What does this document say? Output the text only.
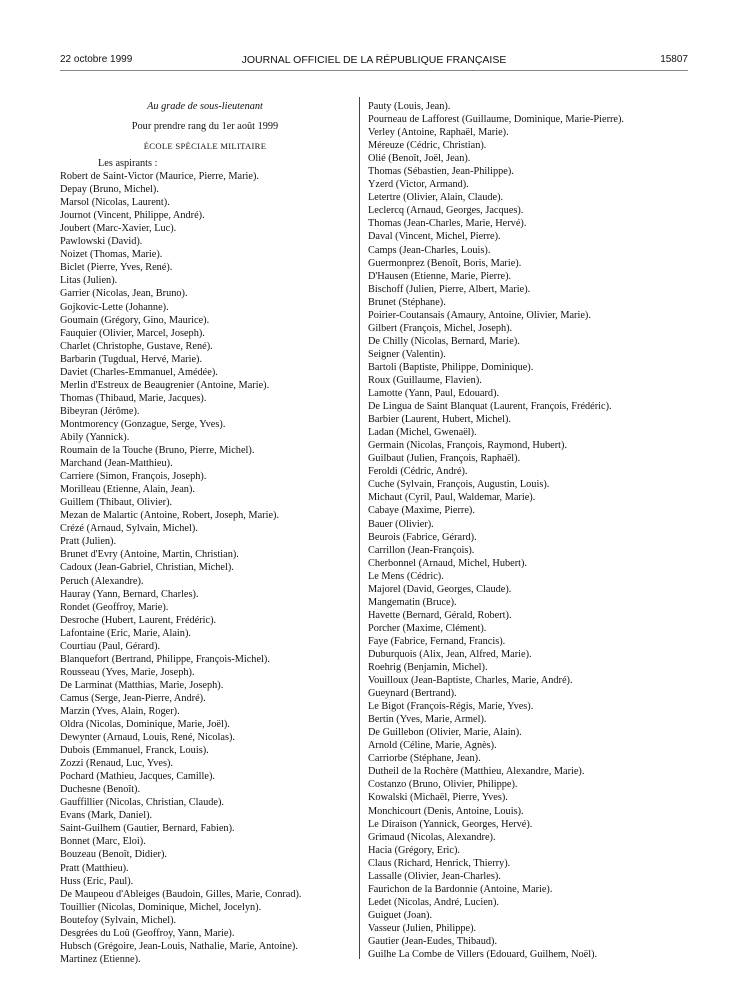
22 octobre 1999	JOURNAL OFFICIEL DE LA RÉPUBLIQUE FRANÇAISE	15807
Au grade de sous-lieutenant
Pour prendre rang du 1er août 1999
ÉCOLE SPÉCIALE MILITAIRE
Les aspirants :
Robert de Saint-Victor (Maurice, Pierre, Marie).
Depay (Bruno, Michel).
Marsol (Nicolas, Laurent).
Journot (Vincent, Philippe, André).
Joubert (Marc-Xavier, Luc).
Pawlowski (David).
Noizet (Thomas, Marie).
Biclet (Pierre, Yves, René).
Litas (Julien).
Garrier (Nicolas, Jean, Bruno).
Gojkovic-Lette (Johanne).
Goumain (Grégory, Gino, Maurice).
Fauquier (Olivier, Marcel, Joseph).
Charlet (Christophe, Gustave, René).
Barbarin (Tugdual, Hervé, Marie).
Daviet (Charles-Emmanuel, Amédée).
Merlin d'Estreux de Beaugrenier (Antoine, Marie).
Thomas (Thibaud, Marie, Jacques).
Bibeyran (Jérôme).
Montmorency (Gonzague, Serge, Yves).
Abily (Yannick).
Roumain de la Touche (Bruno, Pierre, Michel).
Marchand (Jean-Matthieu).
Carriere (Simon, François, Joseph).
Morilleau (Etienne, Alain, Jean).
Guillem (Thibaut, Olivier).
Mezan de Malartic (Antoine, Robert, Joseph, Marie).
Crézé (Arnaud, Sylvain, Michel).
Pratt (Julien).
Brunet d'Evry (Antoine, Martin, Christian).
Cadoux (Jean-Gabriel, Christian, Michel).
Peruch (Alexandre).
Hauray (Yann, Bernard, Charles).
Rondet (Geoffroy, Marie).
Desroche (Hubert, Laurent, Frédéric).
Lafontaine (Eric, Marie, Alain).
Courtiau (Paul, Gérard).
Blanquefort (Bertrand, Philippe, François-Michel).
Rousseau (Yves, Marie, Joseph).
De Larminat (Matthias, Marie, Joseph).
Camus (Serge, Jean-Pierre, André).
Marzin (Yves, Alain, Roger).
Oldra (Nicolas, Dominique, Marie, Joël).
Dewynter (Arnaud, Louis, René, Nicolas).
Dubois (Emmanuel, Franck, Louis).
Zozzi (Renaud, Luc, Yves).
Pochard (Mathieu, Jacques, Camille).
Duchesne (Benoît).
Gauffillier (Nicolas, Christian, Claude).
Evans (Mark, Daniel).
Saint-Guilhem (Gautier, Bernard, Fabien).
Bonnet (Marc, Eloi).
Bouzeau (Benoît, Didier).
Pratt (Matthieu).
Huss (Eric, Paul).
De Maupeou d'Ableiges (Baudoin, Gilles, Marie, Conrad).
Touillier (Nicolas, Dominique, Michel, Jocelyn).
Boutefoy (Sylvain, Michel).
Desgrées du Loû (Geoffroy, Yann, Marie).
Hubsch (Grégoire, Jean-Louis, Nathalie, Marie, Antoine).
Martinez (Etienne).
Pauty (Louis, Jean).
Pourneau de Lafforest (Guillaume, Dominique, Marie-Pierre).
Verley (Antoine, Raphaël, Marie).
Méreuze (Cédric, Christian).
Olié (Benoît, Joël, Jean).
Thomas (Sébastien, Jean-Philippe).
Yzerd (Victor, Armand).
Letertre (Olivier, Alain, Claude).
Leclercq (Arnaud, Georges, Jacques).
Thomas (Jean-Charles, Marie, Hervé).
Daval (Vincent, Michel, Pierre).
Camps (Jean-Charles, Louis).
Guermonprez (Benoît, Boris, Marie).
D'Hausen (Etienne, Marie, Pierre).
Bischoff (Julien, Pierre, Albert, Marie).
Brunet (Stéphane).
Poirier-Coutansais (Amaury, Antoine, Olivier, Marie).
Gilbert (François, Michel, Joseph).
De Chilly (Nicolas, Bernard, Marie).
Seigner (Valentin).
Bartoli (Baptiste, Philippe, Dominique).
Roux (Guillaume, Flavien).
Lamotte (Yann, Paul, Edouard).
De Lingua de Saint Blanquat (Laurent, François, Frédéric).
Barbier (Laurent, Hubert, Michel).
Ladan (Michel, Gwenaël).
Germain (Nicolas, François, Raymond, Hubert).
Guilbaut (Julien, François, Raphaël).
Feroldi (Cédric, André).
Cuche (Sylvain, François, Augustin, Louis).
Michaut (Cyril, Paul, Waldemar, Marie).
Cabaye (Maxime, Pierre).
Bauer (Olivier).
Beurois (Fabrice, Gérard).
Carrillon (Jean-François).
Cherbonnel (Arnaud, Michel, Hubert).
Le Mens (Cédric).
Majorel (David, Georges, Claude).
Mangematin (Bruce).
Havette (Bernard, Gérald, Robert).
Porcher (Maxime, Clément).
Faye (Fabrice, Fernand, Francis).
Duburquois (Alix, Jean, Alfred, Marie).
Roehrig (Benjamin, Michel).
Vouilloux (Jean-Baptiste, Charles, Marie, André).
Gueynard (Bertrand).
Le Bigot (François-Régis, Marie, Yves).
Bertin (Yves, Marie, Armel).
De Guillebon (Olivier, Marie, Alain).
Arnold (Céline, Marie, Agnès).
Carriorbe (Stéphane, Jean).
Dutheil de la Rochère (Matthieu, Alexandre, Marie).
Costanzo (Bruno, Olivier, Philippe).
Kowalski (Michaël, Pierre, Yves).
Monchicourt (Denis, Antoine, Louis).
Le Diraison (Yannick, Georges, Hervé).
Grimaud (Nicolas, Alexandre).
Hacia (Grégory, Eric).
Claus (Richard, Henrick, Thierry).
Lassalle (Olivier, Jean-Charles).
Faurichon de la Bardonnie (Antoine, Marie).
Ledet (Nicolas, André, Lucien).
Guiguet (Joan).
Vasseur (Julien, Philippe).
Gautier (Jean-Eudes, Thibaud).
Guilhe La Combe de Villers (Edouard, Guilhem, Noël).
